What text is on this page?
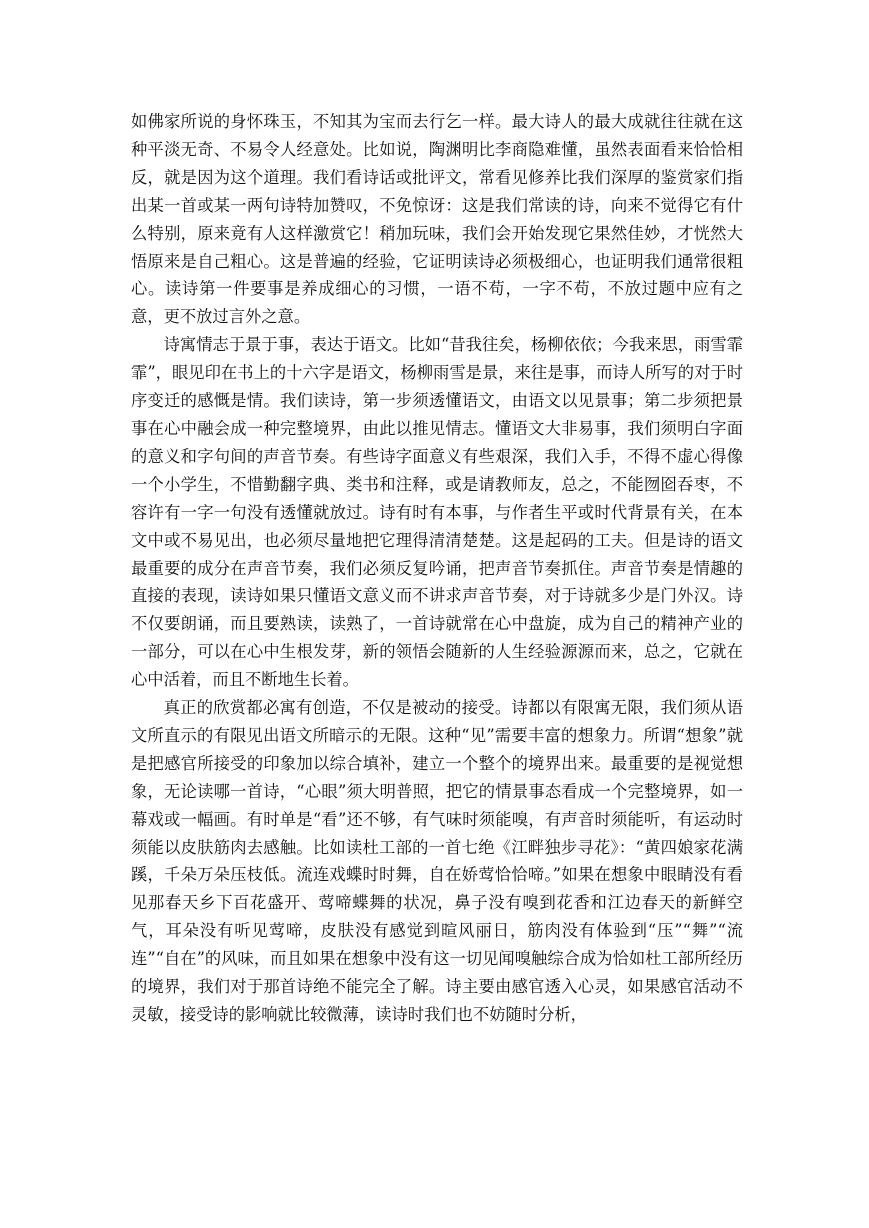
如佛家所说的身怀珠玉，不知其为宝而去行乞一样。最大诗人的最大成就往往就在这种平淡无奇、不易令人经意处。比如说，陶渊明比李商隐难懂，虽然表面看来恰恰相反，就是因为这个道理。我们看诗话或批评文，常看见修养比我们深厚的鉴赏家们指出某一首或某一两句诗特加赞叹，不免惊讶：这是我们常读的诗，向来不觉得它有什么特别，原来竟有人这样激赏它！稍加玩味，我们会开始发现它果然佳妙，才恍然大悟原来是自己粗心。这是普遍的经验，它证明读诗必须极细心，也证明我们通常很粗心。读诗第一件要事是养成细心的习惯，一语不苟，一字不苟，不放过题中应有之意，更不放过言外之意。

诗寓情志于景于事，表达于语文。比如“昔我往矣，杨柳依依；今我来思，雨雪霏霏”，眼见印在书上的十六字是语文，杨柳雨雪是景，来往是事，而诗人所写的对于时序变迁的感慨是情。我们读诗，第一步须透懂语文，由语文以见景事；第二步须把景事在心中融会成一种完整境界，由此以推见情志。懂语文大非易事，我们须明白字面的意义和字句间的声音节奏。有些诗字面意义有些艰深，我们入手，不得不虚心得像一个小学生，不惜勤翻字典、类书和注释，或是请教师友，总之，不能囫囵吞枣，不容许有一字一句没有透懂就放过。诗有时有本事，与作者生平或时代背景有关，在本文中或不易见出，也必须尽量地把它理得清清楚楚。这是起码的工夫。但是诗的语文最重要的成分在声音节奏，我们必须反复吟诵，把声音节奏抓住。声音节奏是情趣的直接的表现，读诗如果只懂语文意义而不讲求声音节奏，对于诗就多少是门外汉。诗不仅要朗诵，而且要熟读，读熟了，一首诗就常在心中盘旋，成为自己的精神产业的一部分，可以在心中生根发芽，新的领悟会随新的人生经验源源而来，总之，它就在心中活着，而且不断地生长着。

真正的欣赏都必寓有创造，不仅是被动的接受。诗都以有限寓无限，我们须从语文所直示的有限见出语文所暗示的无限。这种“见”需要丰富的想象力。所谓“想象”就是把感官所接受的印象加以综合填补，建立一个整个的境界出来。最重要的是视觉想象，无论读哪一首诗，“心眼”须大明普照，把它的情景事态看成一个完整境界，如一幕戏或一幅画。有时单是“看”还不够，有气味时须能嗅，有声音时须能听，有运动时须能以皮肤筋肉去感触。比如读杜工部的一首七绝《江畔独步寻花》：“黄四娘家花满蹊，千朵万朵压枝低。流连戏蝶时时舞，自在娇莺恰恰啼。”如果在想象中眼睛没有看见那春天乡下百花盛开、莺啼蝶舞的状况，鼻子没有嗅到花香和江边春天的新鲜空气，耳朵没有听见莺啼，皮肤没有感觉到暄风丽日，筋肉没有体验到“压”“舞”“流连”“自在”的风味，而且如果在想象中没有这一切见闻嗅触综合成为恰如杜工部所经历的境界，我们对于那首诗绝不能完全了解。诗主要由感官透入心灵，如果感官活动不灵敏，接受诗的影响就比较微薄，读诗时我们也不妨随时分析，
